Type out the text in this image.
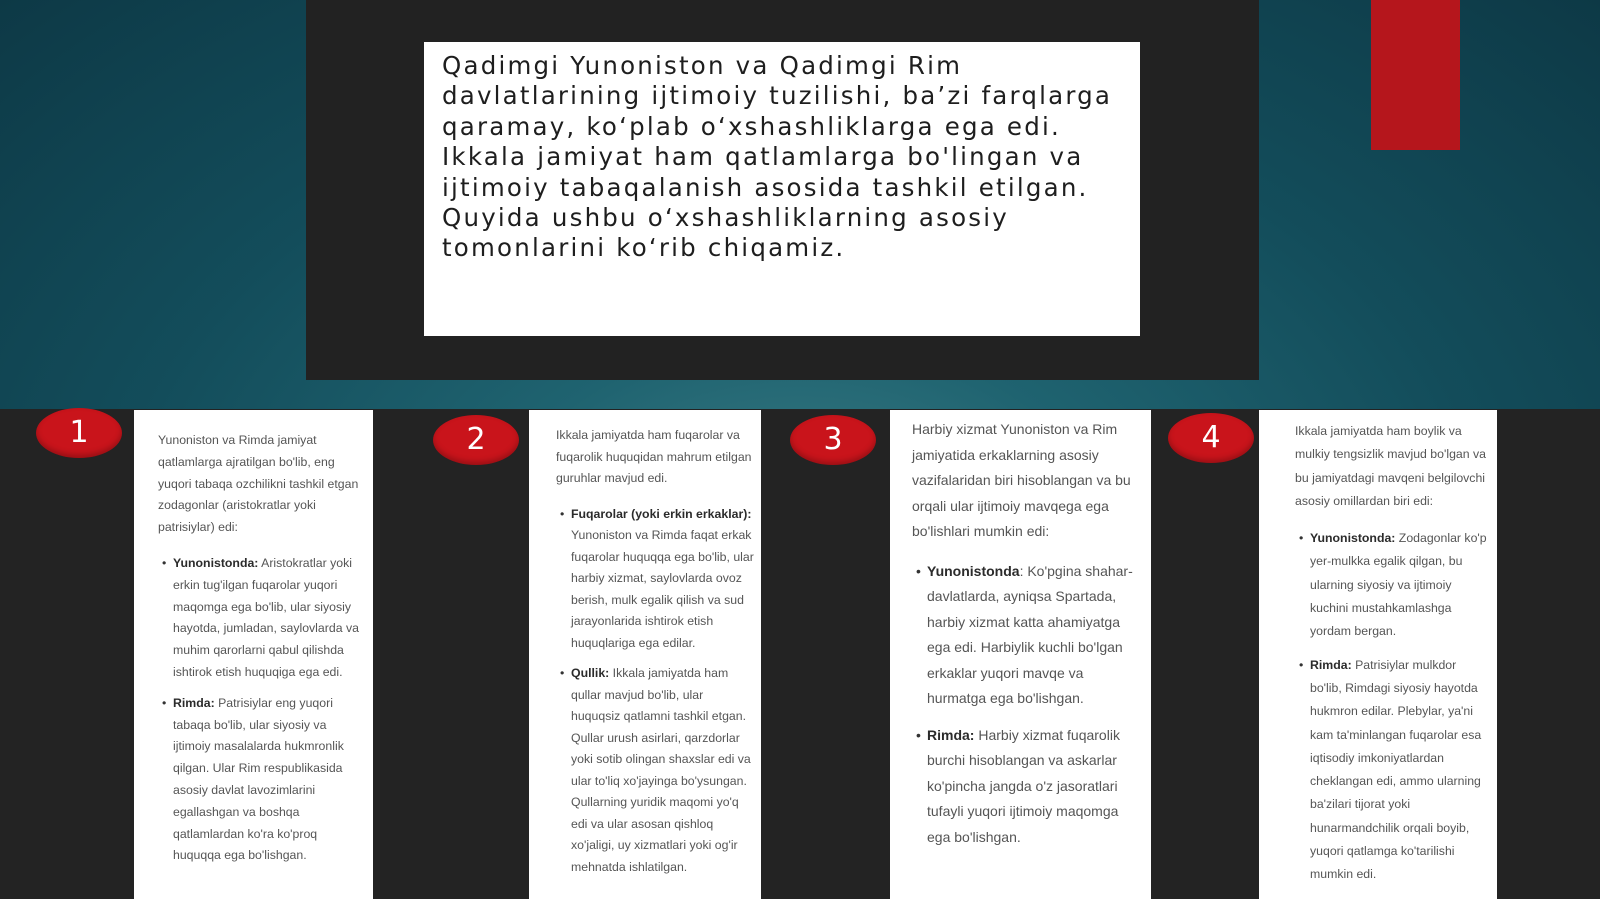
Qadimgi Yunoniston va Qadimgi Rim davlatlarining ijtimoiy tuzilishi, ba’zi farqlarga qaramay, ko‘plab o‘xshashliklarga ega edi. Ikkala jamiyat ham qatlamlarga bo'lingan va ijtimoiy tabaqalanish asosida tashkil etilgan. Quyida ushbu o‘xshashliklarning asosiy tomonlarini ko‘rib chiqamiz.

1	2	3	4

Yunoniston va Rimda jamiyat qatlamlarga ajratilgan bo'lib, eng yuqori tabaqa ozchilikni tashkil etgan zodagonlar (aristokratlar yoki patrisiylar) edi:

• Yunonistonda: Aristokratlar yoki erkin tug'ilgan fuqarolar yuqori maqomga ega bo'lib, ular siyosiy hayotda, jumladan, saylovlarda va muhim qarorlarni qabul qilishda ishtirok etish huquqiga ega edi.
• Rimda: Patrisiylar eng yuqori tabaqa bo'lib, ular siyosiy va ijtimoiy masalalarda hukmronlik qilgan. Ular Rim respublikasida asosiy davlat lavozimlarini egallashgan va boshqa qatlamlardan ko'ra ko'proq huquqqa ega bo'lishgan.

Ikkala jamiyatda ham fuqarolar va fuqarolik huquqidan mahrum etilgan guruhlar mavjud edi.

• Fuqarolar (yoki erkin erkaklar): Yunoniston va Rimda faqat erkak fuqarolar huquqqa ega bo'lib, ular harbiy xizmat, saylovlarda ovoz berish, mulk egalik qilish va sud jarayonlarida ishtirok etish huquqlariga ega edilar.
• Qullik: Ikkala jamiyatda ham qullar mavjud bo'lib, ular huquqsiz qatlamni tashkil etgan. Qullar urush asirlari, qarzdorlar yoki sotib olingan shaxslar edi va ular to'liq xo'jayinga bo'ysungan. Qullarning yuridik maqomi yo'q edi va ular asosan qishloq xo'jaligi, uy xizmatlari yoki og'ir mehnatda ishlatilgan.

Harbiy xizmat Yunoniston va Rim jamiyatida erkaklarning asosiy vazifalaridan biri hisoblangan va bu orqali ular ijtimoiy mavqega ega bo'lishlari mumkin edi:

• Yunonistonda: Ko'pgina shahar-davlatlarda, ayniqsa Spartada, harbiy xizmat katta ahamiyatga ega edi. Harbiylik kuchli bo'lgan erkaklar yuqori mavqe va hurmatga ega bo'lishgan.
• Rimda: Harbiy xizmat fuqarolik burchi hisoblangan va askarlar ko'pincha jangda o'z jasoratlari tufayli yuqori ijtimoiy maqomga ega bo'lishgan.

Ikkala jamiyatda ham boylik va mulkiy tengsizlik mavjud bo'lgan va bu jamiyatdagi mavqeni belgilovchi asosiy omillardan biri edi:

• Yunonistonda: Zodagonlar ko'p yer-mulkka egalik qilgan, bu ularning siyosiy va ijtimoiy kuchini mustahkamlashga yordam bergan.
• Rimda: Patrisiylar mulkdor bo'lib, Rimdagi siyosiy hayotda hukmron edilar. Plebylar, ya'ni kam ta'minlangan fuqarolar esa iqtisodiy imkoniyatlardan cheklangan edi, ammo ularning ba'zilari tijorat yoki hunarmandchilik orqali boyib, yuqori qatlamga ko'tarilishi mumkin edi.
